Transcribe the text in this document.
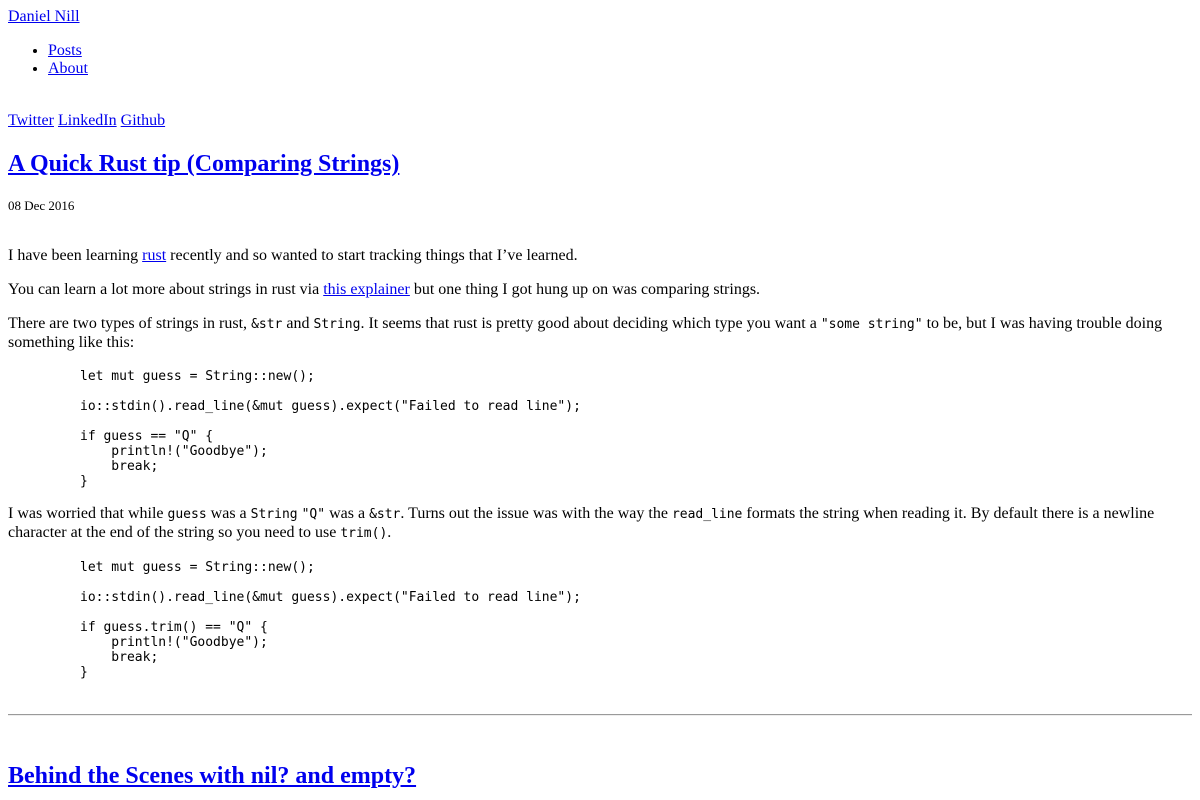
Daniel Nill
• Posts
• About
Twitter LinkedIn Github
A Quick Rust tip (Comparing Strings)
08 Dec 2016

I have been learning rust recently and so wanted to start tracking things that I’ve learned.

You can learn a lot more about strings in rust via this explainer but one thing I got hung up on was comparing strings.

There are two types of strings in rust, &str and String. It seems that rust is pretty good about deciding which type you want a "some string" to be, but I was having trouble doing something like this:

let mut guess = String::new();

io::stdin().read_line(&mut guess).expect("Failed to read line");

if guess == "Q" {
println!("Goodbye");
break;
}

I was worried that while guess was a String "Q" was a &str. Turns out the issue was with the way the read_line formats the string when reading it. By default there is a newline character at the end of the string so you need to use trim().

let mut guess = String::new();

io::stdin().read_line(&mut guess).expect("Failed to read line");

if guess.trim() == "Q" {
println!("Goodbye");
break;
}
Behind the Scenes with nil? and empty?
